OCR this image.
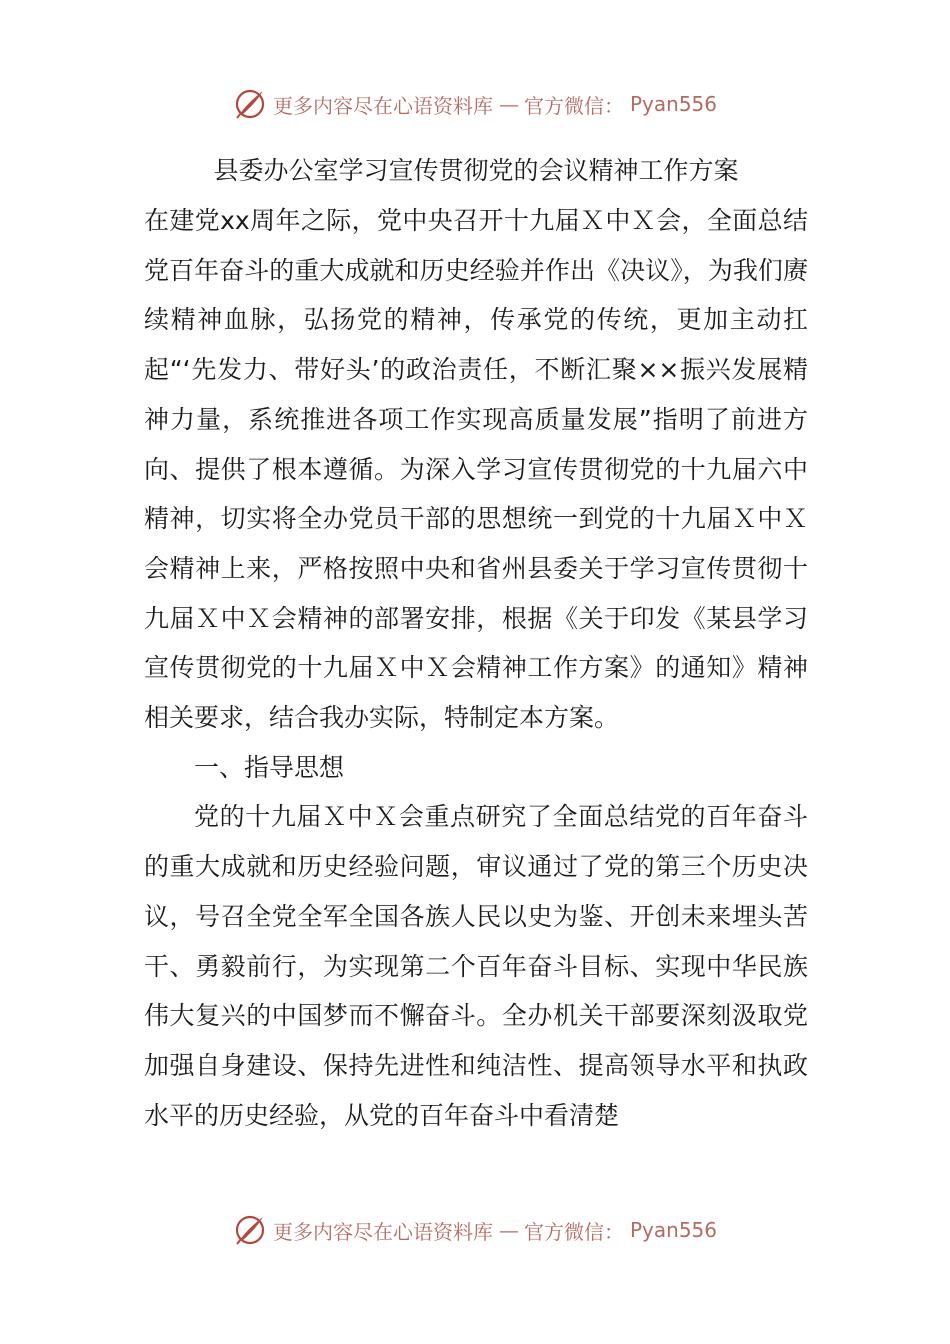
更多内容尽在心语资料库 — 官方微信： Pyan556

县委办公室学习宣传贯彻党的会议精神工作方案

在建党xx周年之际，党中央召开十九届Ｘ中Ｘ会，全面总结党百年奋斗的重大成就和历史经验并作出《决议》，为我们赓续精神血脉，弘扬党的精神，传承党的传统，更加主动扛起“‘先发力、带好头’的政治责任，不断汇聚××振兴发展精神力量，系统推进各项工作实现高质量发展”指明了前进方向、提供了根本遵循。为深入学习宣传贯彻党的十九届六中精神，切实将全办党员干部的思想统一到党的十九届Ｘ中Ｘ会精神上来，严格按照中央和省州县委关于学习宣传贯彻十九届Ｘ中Ｘ会精神的部署安排，根据《关于印发《某县学习宣传贯彻党的十九届Ｘ中Ｘ会精神工作方案》的通知》精神相关要求，结合我办实际，特制定本方案。

一、指导思想

党的十九届Ｘ中Ｘ会重点研究了全面总结党的百年奋斗的重大成就和历史经验问题，审议通过了党的第三个历史决议，号召全党全军全国各族人民以史为鉴、开创未来埋头苦干、勇毅前行，为实现第二个百年奋斗目标、实现中华民族伟大复兴的中国梦而不懈奋斗。全办机关干部要深刻汲取党加强自身建设、保持先进性和纯洁性、提高领导水平和执政水平的历史经验，从党的百年奋斗中看清楚

更多内容尽在心语资料库 — 官方微信： Pyan556
